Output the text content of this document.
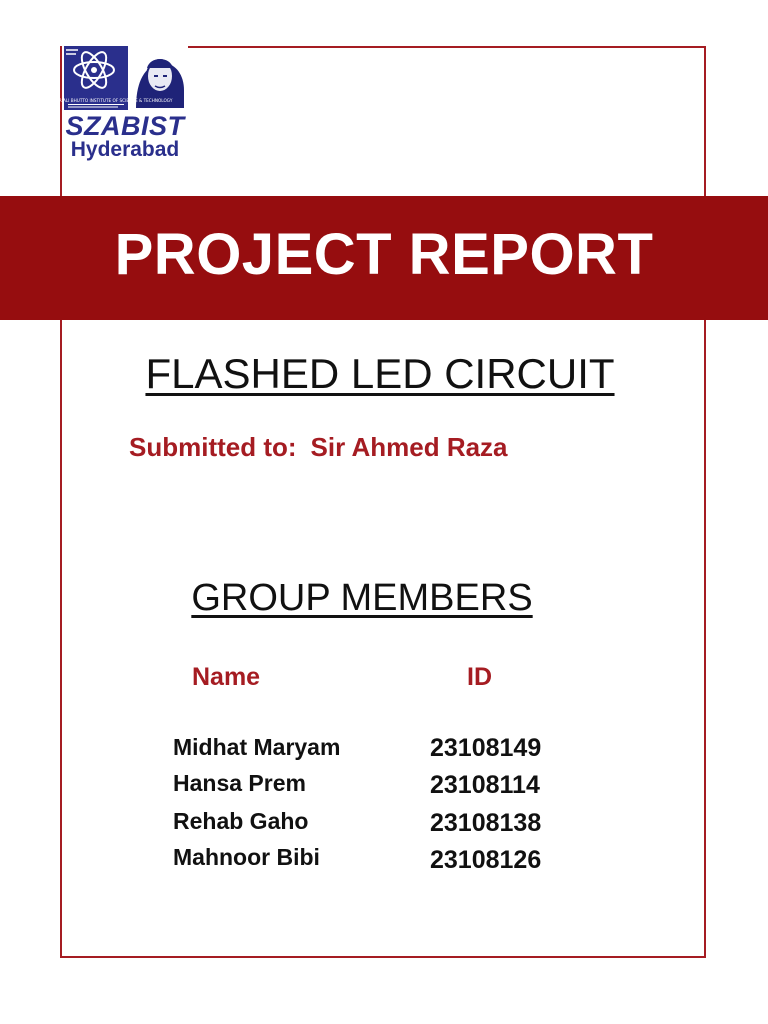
SHAHEED ZULFIKAR ALI BHUTTO INSTITUTE OF SCIENCE & TECHNOLOGY
SZABIST
Hyderabad
PROJECT REPORT
FLASHED LED CIRCUIT
Submitted to: Sir Ahmed Raza
GROUP MEMBERS
Name	ID
Midhat Maryam	23108149
Hansa Prem	23108114
Rehab Gaho	23108138
Mahnoor Bibi	23108126
